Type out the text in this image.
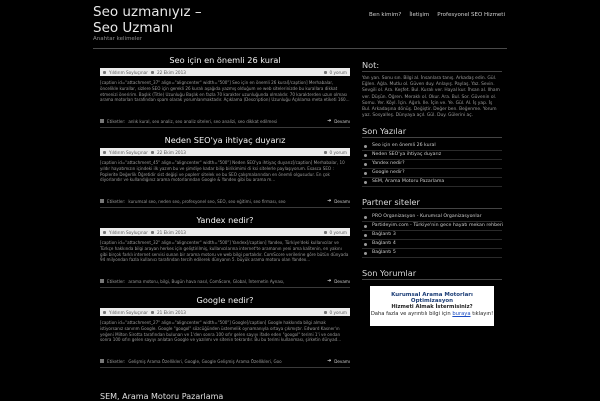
Seo uzmanıyız – Seo Uzmanı
Anahtar kelimeler
Ben kimim? İletişim Profesyonel SEO Hizmeti
Seo için en önemli 26 kural
Yıldırım Soyluçınar 22 Ekim 2013	0 yorum
[caption id="attachment_37" align="aligncenter" width="500"] Seo için en önemli 26 kural[/caption] Merhabalar, öncelikle kurallar, sizlere SEO için gerekli 26 kuralı aşağıda yazmış olduğum ve web sitelerinizde bu kurallara dikkat etmenizi öneririm. Başlık (Title) Uzunluğu Başlık en fazla 70 karakter uzunluğunda olmalıdır. 70 karakterden uzun olması arama motorları tarafından spam olarak yorumlanmaktadır. Açıklama (Description) Uzunluğu Açıklama meta etiketi 160...
Etiketler: anlık kural, seo analiz, seo analiz siteleri, seo analizi, seo dikkat edilmesi	➜ Devamı
Neden SEO'ya ihtiyaç duyarız
Yıldırım Soyluçınar 22 Ekim 2013	0 yorum
[caption id="attachment_45" align="aligncenter" width="500"] Neden SEO'ya ihtiyaç duyarız[/caption] Merhabalar, 10 yıldır hayatımızın içindeki ilk yazım bu ve şimdiye kadar bilip birikimimi di ksi sitelerle paylaşıyorum. Esasca SEO : Poplerite Değerlik Öğretidir sist değişi ve poplerr sitelek ve bu SEO çalışmalarından en önemli olgusudur. En çok diyorlarıdır ve kullandığınız arama motorlarından Google & Yandex gibi bu arama m...
Etiketler: kurumsal seo, neden seo, profesyonel seo, SEO, seo eğitimi, seo firması, seo	➜ Devamı
Yandex nedir?
Yıldırım Soyluçınar 21 Ekim 2013	0 yorum
[caption id="attachment_32" align="aligncenter" width="500"] Yandex[/caption] Yandex, Türkiye'deki kullanıcılar ve Türkçe hakkında bilgi arayan herkes için geliştirilmiş, kullanıcılarına internet'te aramanın yeni ama kalitenin, en yakını gibi birçok farklı internet servisi sunan bir arama motoru ve web bilgi portalıdır. ComScore verilerine göre bütün dünyada 94 milyondan fazla kullanıcı tarafından tercih edilerek dünyanın 5. büyük arama motoru olan Yandex...
Etiketler: arama motoru, bilgi, Bugün hava nasıl, ComScore, Global, İnternetin Aynası,	➜ Devamı
Google nedir?
Yıldırım Soyluçınar 21 Ekim 2013	0 yorum
[caption id="attachment_27" align="aligncenter" width="500"] Google[/caption] Google hakkında bilgi almak istiyorsanız sanırım Google. Google "googol" sözcüğünden üstemelik oynamanıyla ortaya çıkmıştır. Edward Kasner'ın yeğeni Milton Sirotta tarafından bulunan ve 1'den sonra 100 sıfır gelen sayıyı ifade eden "googol" terimi 1'i ve ondan sonra 100 sıfırı gelen sayıyı anlatan Google ve yazılımı ve sitenin tekrardır. Bu bu terimi kullanması, şirketin dünyad...
Etiketler: Gelişmiş Arama Özellikleri, Google, Google Gelişmiş Arama Özellikleri, Goo	➜ Devamı
SEM, Arama Motoru Pazarlama
Not:
Yan yan. Sonu sın. Bilgi al. İnsanlara tanış. Arkadaş edin. Gül. Eğlen. Ağla. Mutlu ol. Güven duy. Anlayış. Paylaş. Yaz. Sevin. Sevgili ol. Ara. Keşfet. Bul. Kuralı ver. Hayal kur. İhsan al. Ilham ver. Düşün. Öğren. Meraklı ol. Okur. Ara. Bul. Sor. Güvenin ol. Somu. Yer. Köyl. İçin. Ağırlı. Ile. İçin ve. Ye. Gül. Al. İş yap. İş Bul. Arkadaşına dönüş. Değiştir. Değer ben. Beğenme. Yorum yaz. Sosyalleş. Dünyaya açıl. Gül. Duy. Gülerini aç.
Son Yazılar
Seo için en önemli 26 kural
Neden SEO'ya ihtiyaç duyarız
Yandex nedir?
Google nedir?
SEM, Arama Motoru Pazarlama
Partner siteler
PRO Organizasyon - Kurumsal Organizasyonlar
Partideyim.com - Türkiye'nin gece hayatı mekan rehberi
Bağlantı 3
Bağlantı 4
Bağlantı 5
Son Yorumlar
Kurumsal Arama Motorları Optimizasyon
Hizmeti Almak İstermisiniz?
Daha fazla ve ayrıntılı bilgi için buraya tıklayın!
